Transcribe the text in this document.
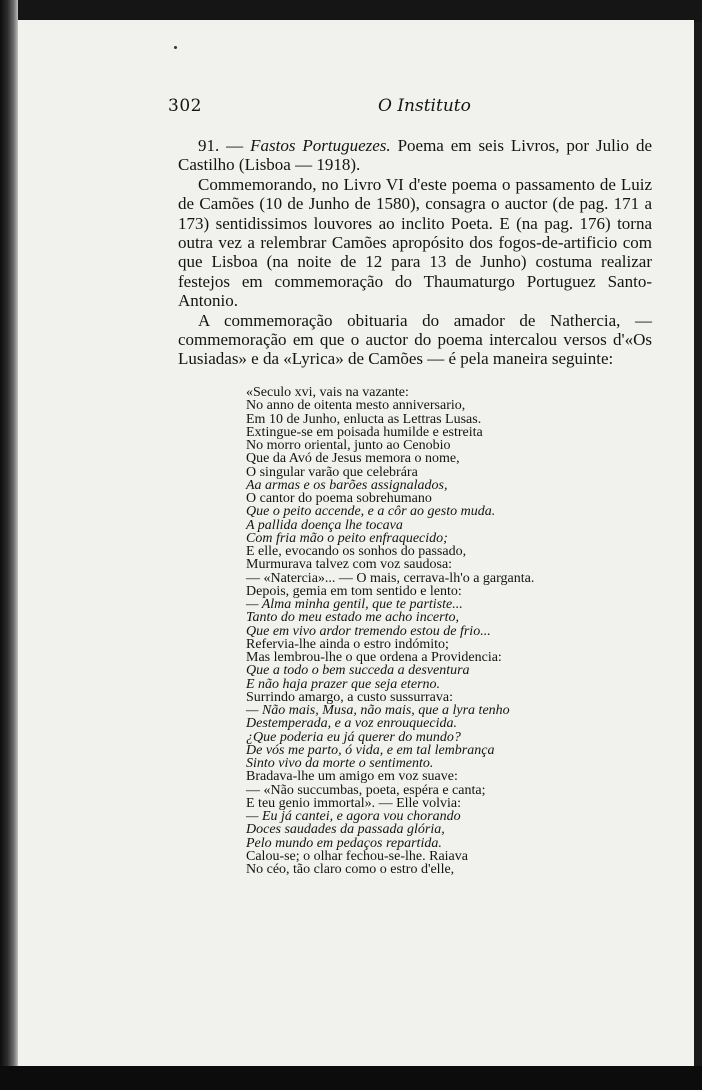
302	O Instituto

91. — Fastos Portuguezes. Poema em seis Livros, por Julio de Castilho (Lisboa — 1918).

Commemorando, no Livro VI d'este poema o passamento de Luiz de Camões (10 de Junho de 1580), consagra o auctor (de pag. 171 a 173) sentidissimos louvores ao inclito Poeta. E (na pag. 176) torna outra vez a relembrar Camões apropósito dos fogos-de-artificio com que Lisboa (na noite de 12 para 13 de Junho) costuma realizar festejos em commemoração do Thaumaturgo Portuguez Santo-Antonio.

A commemoração obituaria do amador de Nathercia, — commemoração em que o auctor do poema intercalou versos d'«Os Lusiadas» e da «Lyrica» de Camões — é pela maneira seguinte:

«Seculo xvi, vais na vazante:
No anno de oitenta mesto anniversario,
Em 10 de Junho, enlucta as Lettras Lusas.
Extingue-se em poisada humilde e estreita
No morro oriental, junto ao Cenobio
Que da Avó de Jesus memora o nome,
O singular varão que celebrára
Aa armas e os barões assignalados,
O cantor do poema sobrehumano
Que o peito accende, e a côr ao gesto muda.
A pallida doença lhe tocava
Com fria mão o peito enfraquecido;
E elle, evocando os sonhos do passado,
Murmurava talvez com voz saudosa:
— «Natercia»... — O mais, cerrava-lh'o a garganta.
Depois, gemia em tom sentido e lento:
— Alma minha gentil, que te partiste...
Tanto do meu estado me acho incerto,
Que em vivo ardor tremendo estou de frio...
Refervia-lhe ainda o estro indómito;
Mas lembrou-lhe o que ordena a Providencia:
Que a todo o bem succeda a desventura
E não haja prazer que seja eterno.
Surrindo amargo, a custo sussurrava:
— Não mais, Musa, não mais, que a lyra tenho
Destemperada, e a voz enrouquecida.
¿Que poderia eu já querer do mundo?
De vós me parto, ó vida, e em tal lembrança
Sinto vivo da morte o sentimento.
Bradava-lhe um amigo em voz suave:
— «Não succumbas, poeta, espéra e canta;
E teu genio immortal». — Elle volvia:
— Eu já cantei, e agora vou chorando
Doces saudades da passada glória,
Pelo mundo em pedaços repartida.
Calou-se; o olhar fechou-se-lhe. Raiava
No céo, tão claro como o estro d'elle,
